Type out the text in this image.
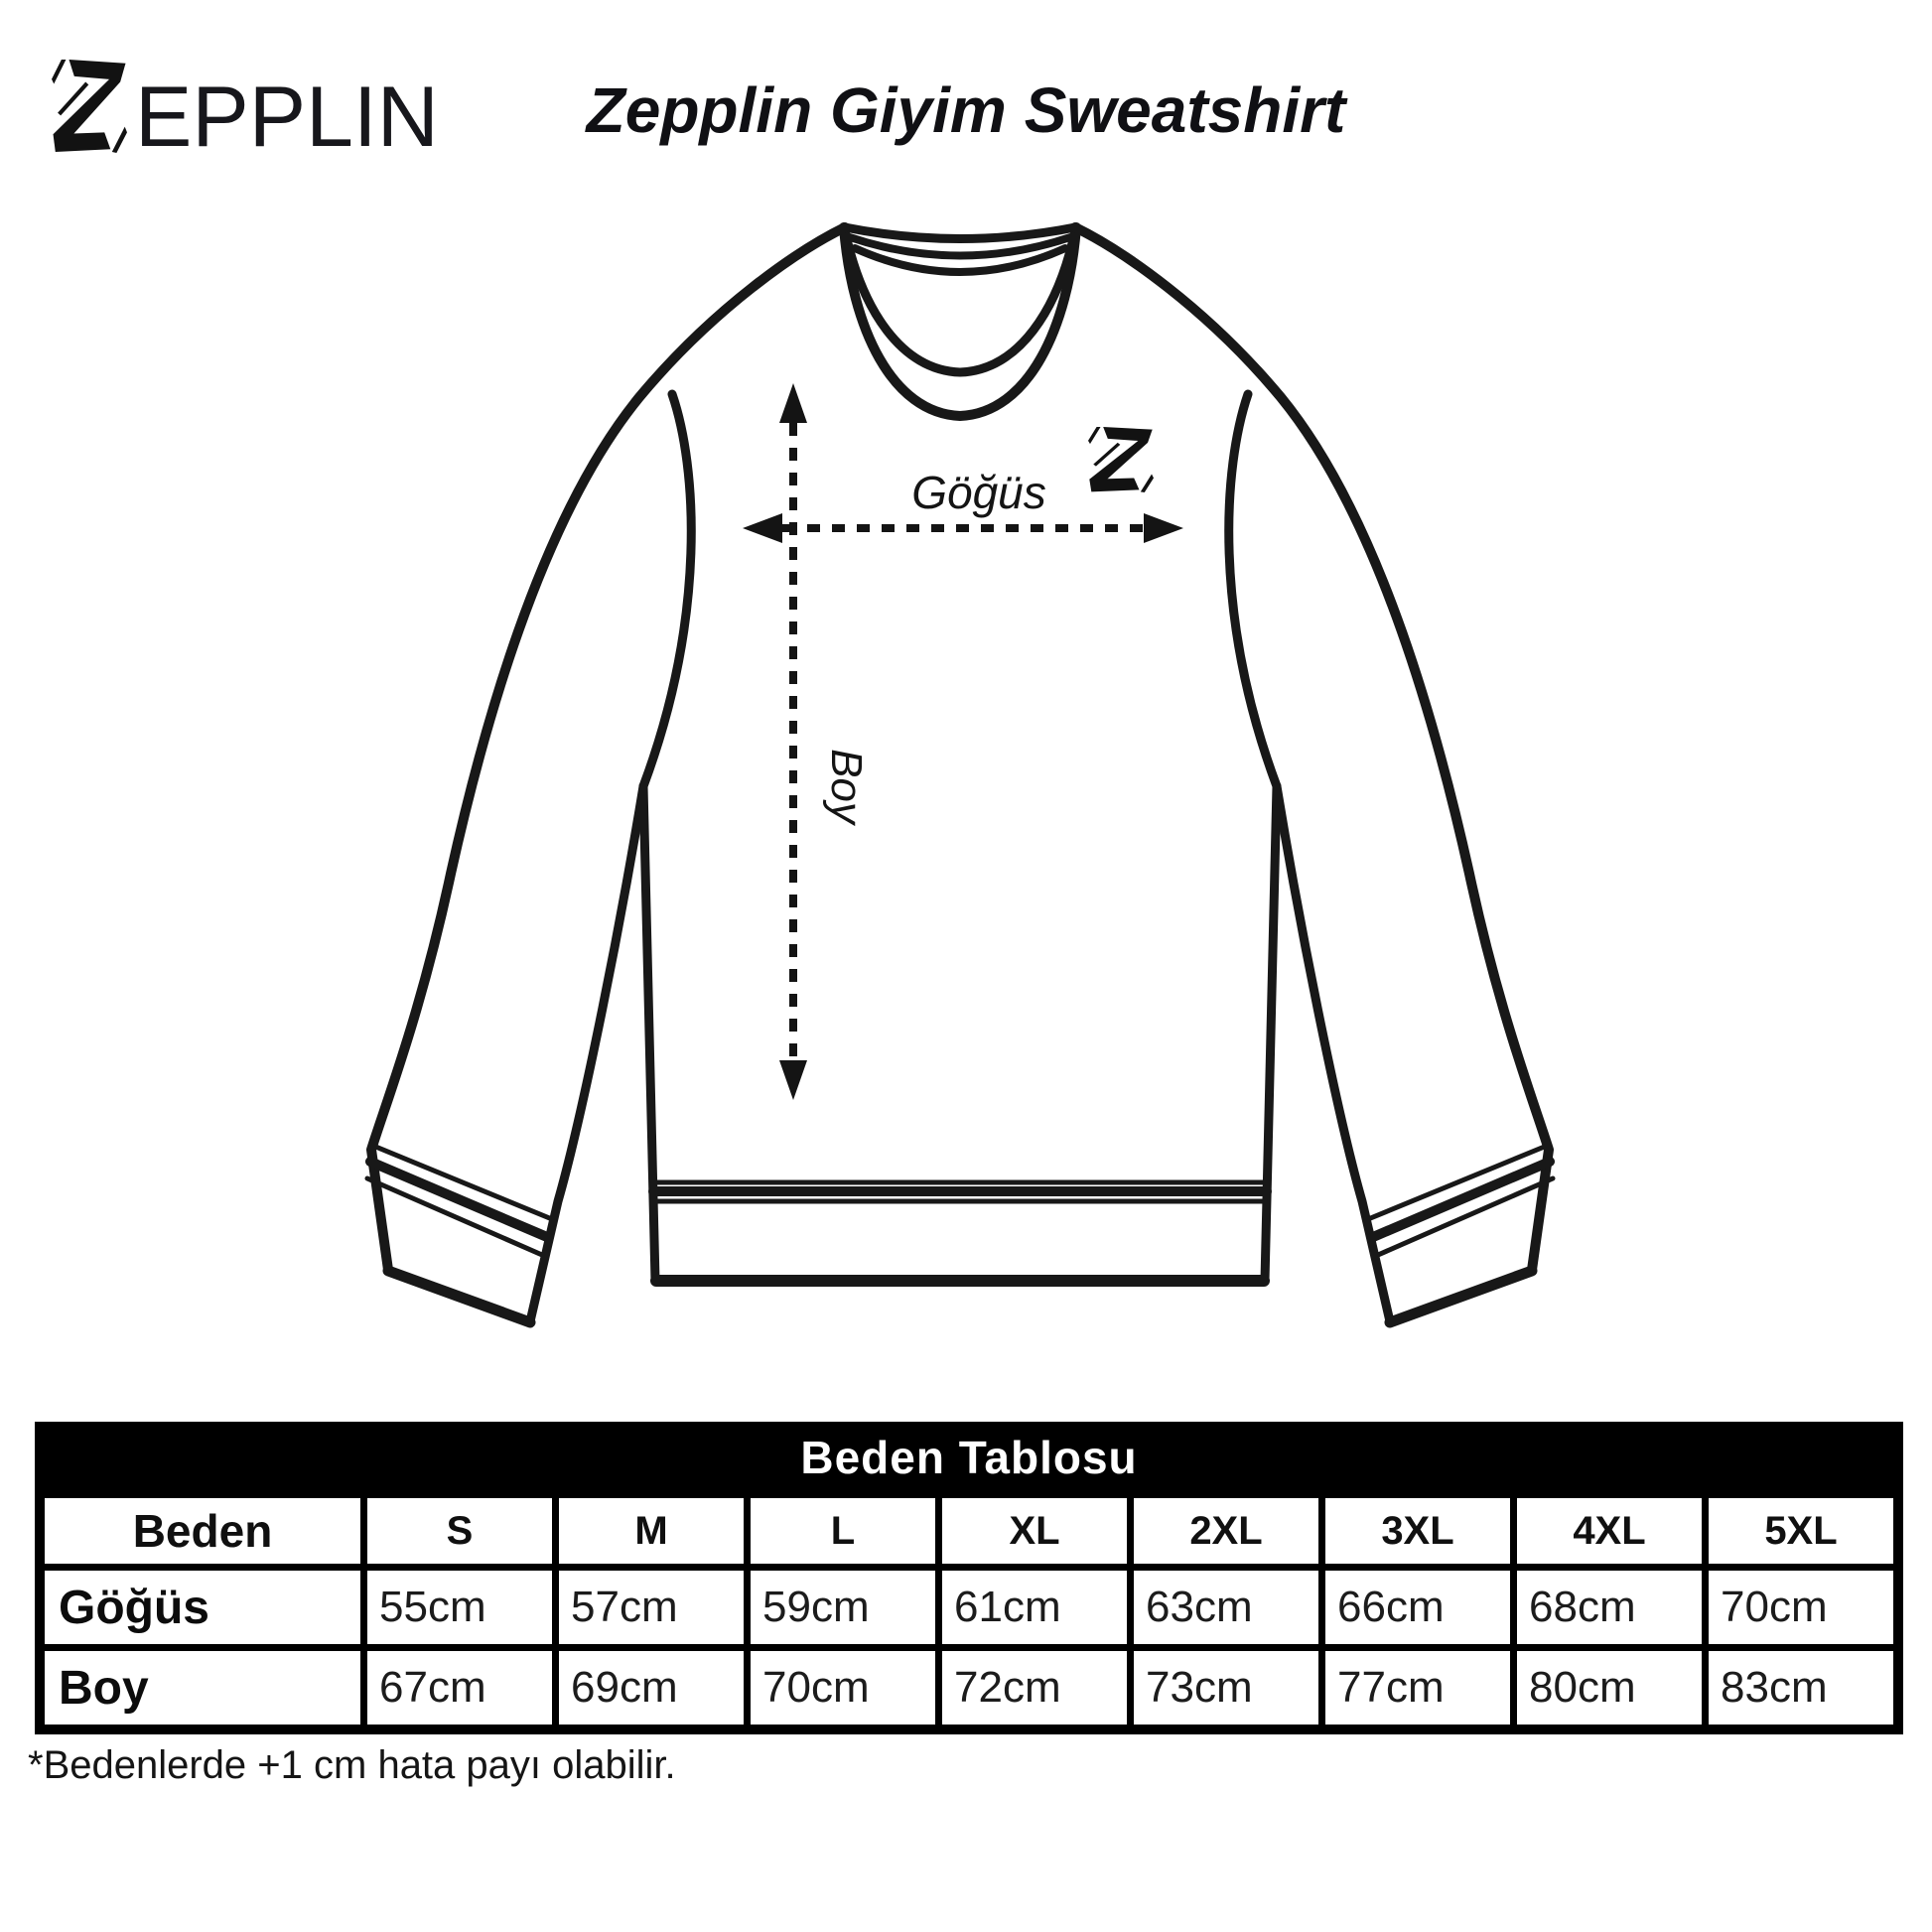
Göğüs
Boy
EPPLIN	Zepplin Giyim Sweatshirt
Beden Tablosu
Beden	S	M	L	XL	2XL	3XL	4XL	5XL
Göğüs	55cm	57cm	59cm	61cm	63cm	66cm	68cm	70cm
Boy	67cm	69cm	70cm	72cm	73cm	77cm	80cm	83cm
*Bedenlerde +1 cm hata payı olabilir.
